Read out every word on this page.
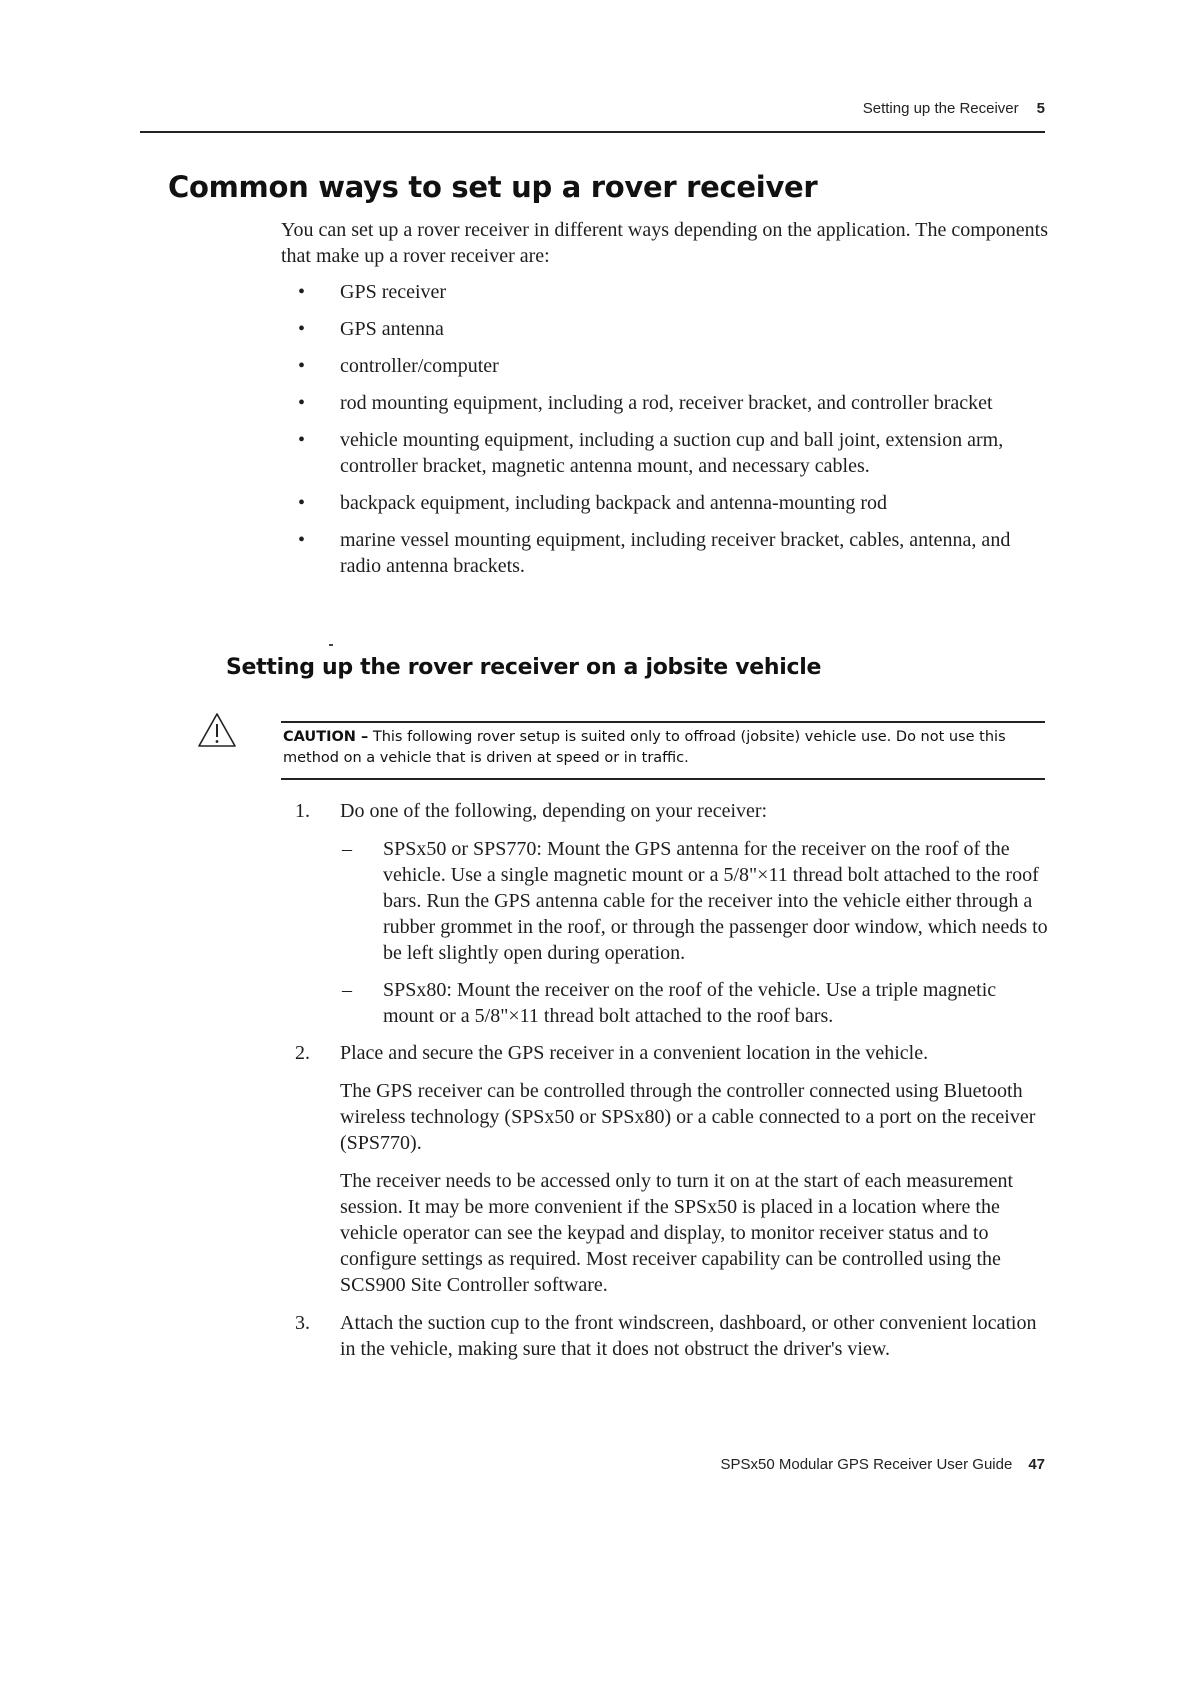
Setting up the Receiver 5
Common ways to set up a rover receiver

You can set up a rover receiver in different ways depending on the application. The components that make up a rover receiver are:

• GPS receiver
• GPS antenna
• controller/computer
• rod mounting equipment, including a rod, receiver bracket, and controller bracket
• vehicle mounting equipment, including a suction cup and ball joint, extension arm, controller bracket, magnetic antenna mount, and necessary cables.
• backpack equipment, including backpack and antenna-mounting rod
• marine vessel mounting equipment, including receiver bracket, cables, antenna, and radio antenna brackets.
Setting up the rover receiver on a jobsite vehicle

CAUTION – This following rover setup is suited only to offroad (jobsite) vehicle use. Do not use this method on a vehicle that is driven at speed or in traffic.

1. Do one of the following, depending on your receiver:
– SPSx50 or SPS770: Mount the GPS antenna for the receiver on the roof of the vehicle. Use a single magnetic mount or a 5/8"×11 thread bolt attached to the roof bars. Run the GPS antenna cable for the receiver into the vehicle either through a rubber grommet in the roof, or through the passenger door window, which needs to be left slightly open during operation.
– SPSx80: Mount the receiver on the roof of the vehicle. Use a triple magnetic mount or a 5/8"×11 thread bolt attached to the roof bars.
2. Place and secure the GPS receiver in a convenient location in the vehicle.

The GPS receiver can be controlled through the controller connected using Bluetooth wireless technology (SPSx50 or SPSx80) or a cable connected to a port on the receiver (SPS770).

The receiver needs to be accessed only to turn it on at the start of each measurement session. It may be more convenient if the SPSx50 is placed in a location where the vehicle operator can see the keypad and display, to monitor receiver status and to configure settings as required. Most receiver capability can be controlled using the SCS900 Site Controller software.

3. Attach the suction cup to the front windscreen, dashboard, or other convenient location in the vehicle, making sure that it does not obstruct the driver's view.
SPSx50 Modular GPS Receiver User Guide 47
